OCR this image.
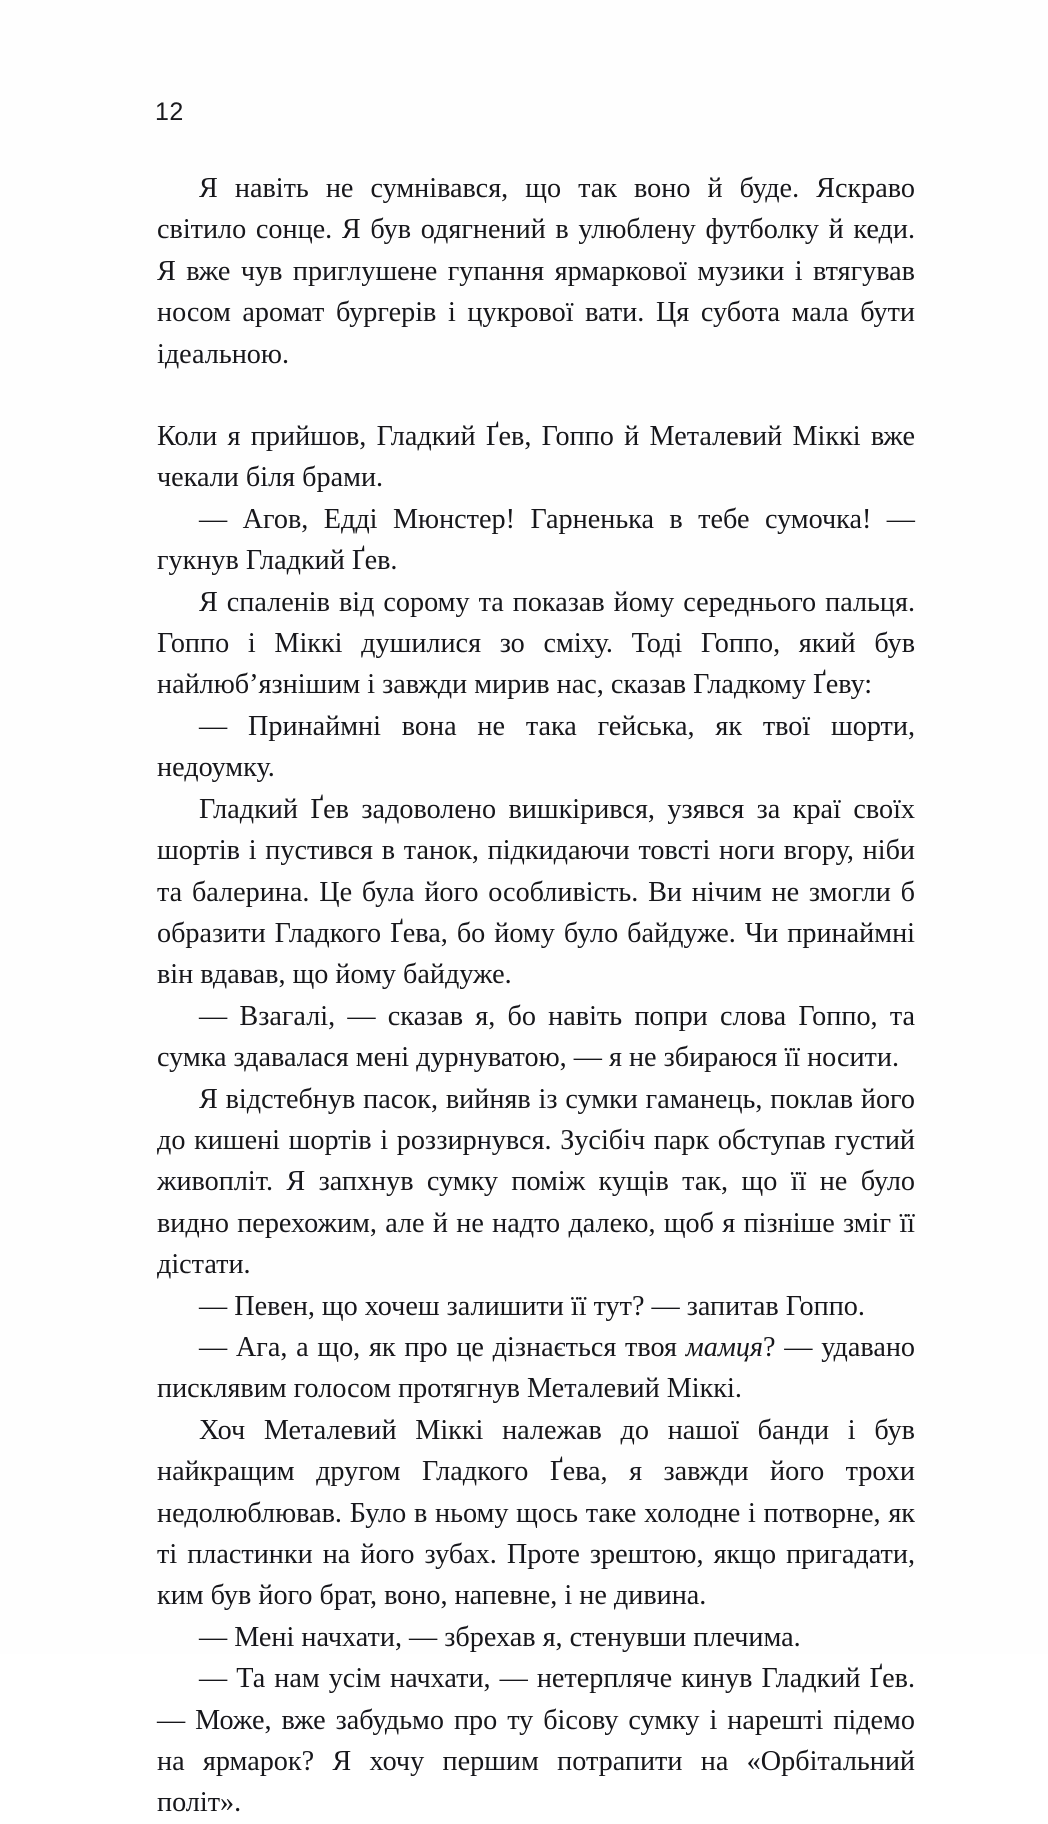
12

Я навіть не сумнівався, що так воно й буде. Яскраво світило сонце. Я був одягнений в улюблену футболку й кеди. Я вже чув приглушене гупання ярмаркової музики і втягував носом аромат бургерів і цукрової вати. Ця субота мала бути ідеальною.

Коли я прийшов, Гладкий Ґев, Гоппо й Металевий Міккі вже чекали біля брами.

— Агов, Едді Мюнстер! Гарненька в тебе сумочка! — гукнув Гладкий Ґев.

Я спаленів від сорому та показав йому середнього пальця. Гоппо і Міккі душилися зо сміху. Тоді Гоппо, який був найлюб’язнішим і завжди мирив нас, сказав Гладкому Ґеву:

— Принаймні вона не така гейська, як твої шорти, недоумку.

Гладкий Ґев задоволено вишкірився, узявся за краї своїх шортів і пустився в танок, підкидаючи товсті ноги вгору, ніби та балерина. Це була його особливість. Ви нічим не змогли б образити Гладкого Ґева, бо йому було байдуже. Чи принаймні він вдавав, що йому байдуже.

— Взагалі, — сказав я, бо навіть попри слова Гоппо, та сумка здавалася мені дурнуватою, — я не збираюся її носити.

Я відстебнув пасок, вийняв із сумки гаманець, поклав його до кишені шортів і роззирнувся. Зусібіч парк обступав густий живопліт. Я запхнув сумку поміж кущів так, що її не було видно перехожим, але й не надто далеко, щоб я пізніше зміг її дістати.

— Певен, що хочеш залишити її тут? — запитав Гоппо.

— Ага, а що, як про це дізнається твоя мамця? — удавано писклявим голосом протягнув Металевий Міккі.

Хоч Металевий Міккі належав до нашої банди і був найкращим другом Гладкого Ґева, я завжди його трохи недолюблював. Було в ньому щось таке холодне і потворне, як ті пластинки на його зубах. Проте зрештою, якщо пригадати, ким був його брат, воно, напевне, і не дивина.

— Мені начхати, — збрехав я, стенувши плечима.

— Та нам усім начхати, — нетерпляче кинув Гладкий Ґев. — Може, вже забудьмо про ту бісову сумку і нарешті підемо на ярмарок? Я хочу першим потрапити на «Орбітальний політ».
